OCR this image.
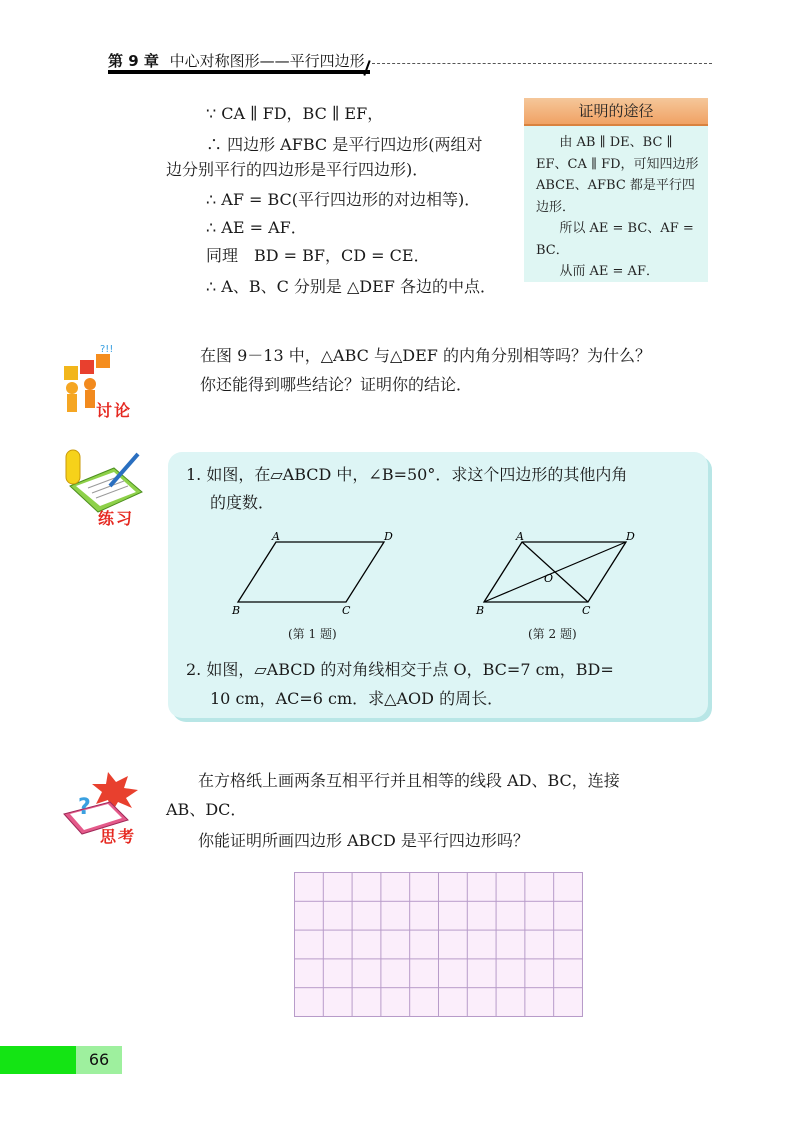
第 9 章 中心对称图形——平行四边形
∵ CA ∥ FD，BC ∥ EF，
∴ 四边形 AFBC 是平行四边形(两组对
边分别平行的四边形是平行四边形)．
∴ AF = BC(平行四边形的对边相等)．
∴ AE = AF．
同理　BD = BF，CD = CE．
∴ A、B、C 分别是 △DEF 各边的中点．
证明的途径

由 AB ∥ DE、BC ∥ EF、CA ∥ FD，可知四边形 ABCE、AFBC 都是平行四边形．

所以 AE = BC、AF = BC．

从而 AE = AF．

?!!
讨论
在图 9－13 中，△ABC 与△DEF 的内角分别相等吗？为什么？
你还能得到哪些结论？证明你的结论．
练习
1. 如图，在▱ABCD 中，∠B=50°．求这个四边形的其他内角
的度数．
A	D
B	C
(第 1 题)
A	D
B	C
O
(第 2 题)
2. 如图，▱ABCD 的对角线相交于点 O，BC=7 cm，BD=
10 cm，AC=6 cm．求△AOD 的周长．
?
思考
在方格纸上画两条互相平行并且相等的线段 AD、BC，连接
AB、DC．
你能证明所画四边形 ABCD 是平行四边形吗？
66
